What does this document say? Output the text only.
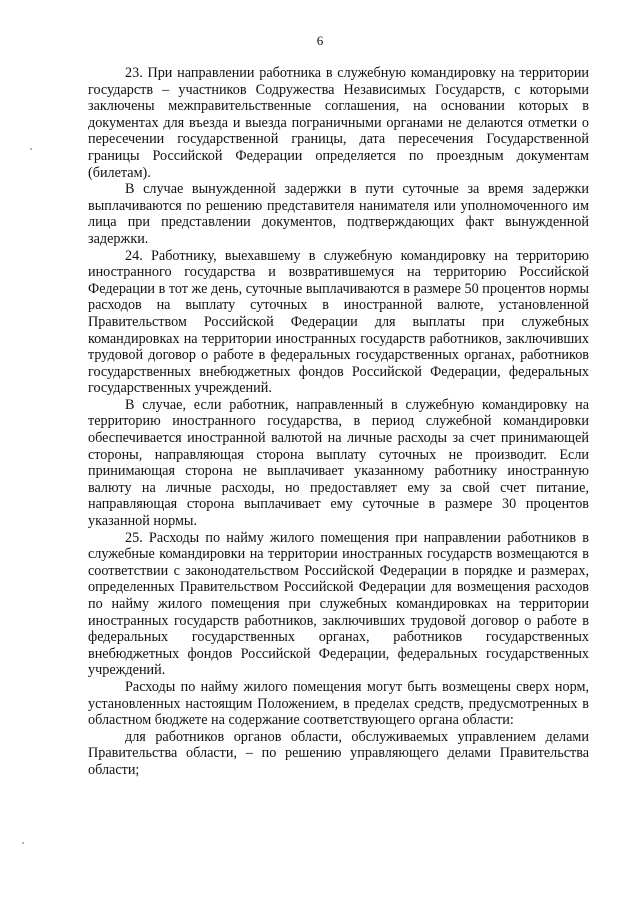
6

23. При направлении работника в служебную командировку на территории государств – участников Содружества Независимых Государств, с которыми заключены межправительственные соглашения, на основании которых в документах для въезда и выезда пограничными органами не делаются отметки о пересечении государственной границы, дата пересечения Государственной границы Российской Федерации определяется по проездным документам (билетам).

В случае вынужденной задержки в пути суточные за время задержки выплачиваются по решению представителя нанимателя или уполномоченного им лица при представлении документов, подтверждающих факт вынужденной задержки.

24. Работнику, выехавшему в служебную командировку на территорию иностранного государства и возвратившемуся на территорию Российской Федерации в тот же день, суточные выплачиваются в размере 50 процентов нормы расходов на выплату суточных в иностранной валюте, установленной Правительством Российской Федерации для выплаты при служебных командировках на территории иностранных государств работников, заключивших трудовой договор о работе в федеральных государственных органах, работников государственных внебюджетных фондов Российской Федерации, федеральных государственных учреждений.

В случае, если работник, направленный в служебную командировку на территорию иностранного государства, в период служебной командировки обеспечивается иностранной валютой на личные расходы за счет принимающей стороны, направляющая сторона выплату суточных не производит. Если принимающая сторона не выплачивает указанному работнику иностранную валюту на личные расходы, но предоставляет ему за свой счет питание, направляющая сторона выплачивает ему суточные в размере 30 процентов указанной нормы.

25. Расходы по найму жилого помещения при направлении работников в служебные командировки на территории иностранных государств возмещаются в соответствии с законодательством Российской Федерации в порядке и размерах, определенных Правительством Российской Федерации для возмещения расходов по найму жилого помещения при служебных командировках на территории иностранных государств работников, заключивших трудовой договор о работе в федеральных государственных органах, работников государственных внебюджетных фондов Российской Федерации, федеральных государственных учреждений.

Расходы по найму жилого помещения могут быть возмещены сверх норм, установленных настоящим Положением, в пределах средств, предусмотренных в областном бюджете на содержание соответствующего органа области:

для работников органов области, обслуживаемых управлением делами Правительства области, – по решению управляющего делами Правительства области;
